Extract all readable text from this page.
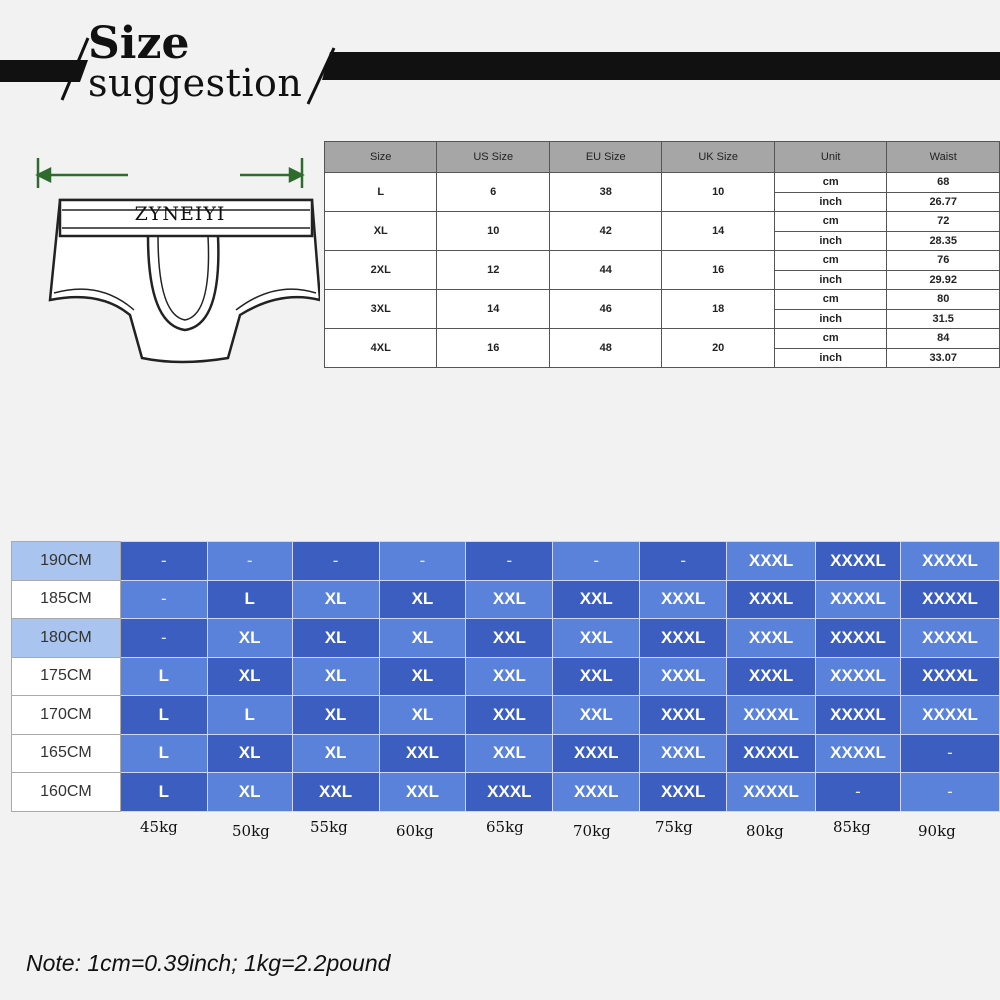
Size
suggestion
ZYNEIYI
Size	US Size	EU Size	UK Size	Unit	Waist
L	6	38	10	cm	68
				inch	26.77
XL	10	42	14	cm	72
				inch	28.35
2XL	12	44	16	cm	76
				inch	29.92
3XL	14	46	18	cm	80
				inch	31.5
4XL	16	48	20	cm	84
				inch	33.07
190CM	-	-	-	-	-	-	-	XXXL	XXXXL	XXXXL
185CM	-	L	XL	XL	XXL	XXL	XXXL	XXXL	XXXXL	XXXXL
180CM	-	XL	XL	XL	XXL	XXL	XXXL	XXXL	XXXXL	XXXXL
175CM	L	XL	XL	XL	XXL	XXL	XXXL	XXXL	XXXXL	XXXXL
170CM	L	L	XL	XL	XXL	XXL	XXXL	XXXXL	XXXXL	XXXXL
165CM	L	XL	XL	XXL	XXL	XXXL	XXXL	XXXXL	XXXXL	-
160CM	L	XL	XXL	XXL	XXXL	XXXL	XXXL	XXXXL	-	-
45kg	50kg	55kg	60kg	65kg	70kg	75kg	80kg	85kg	90kg
Note: 1cm=0.39inch; 1kg=2.2pound
